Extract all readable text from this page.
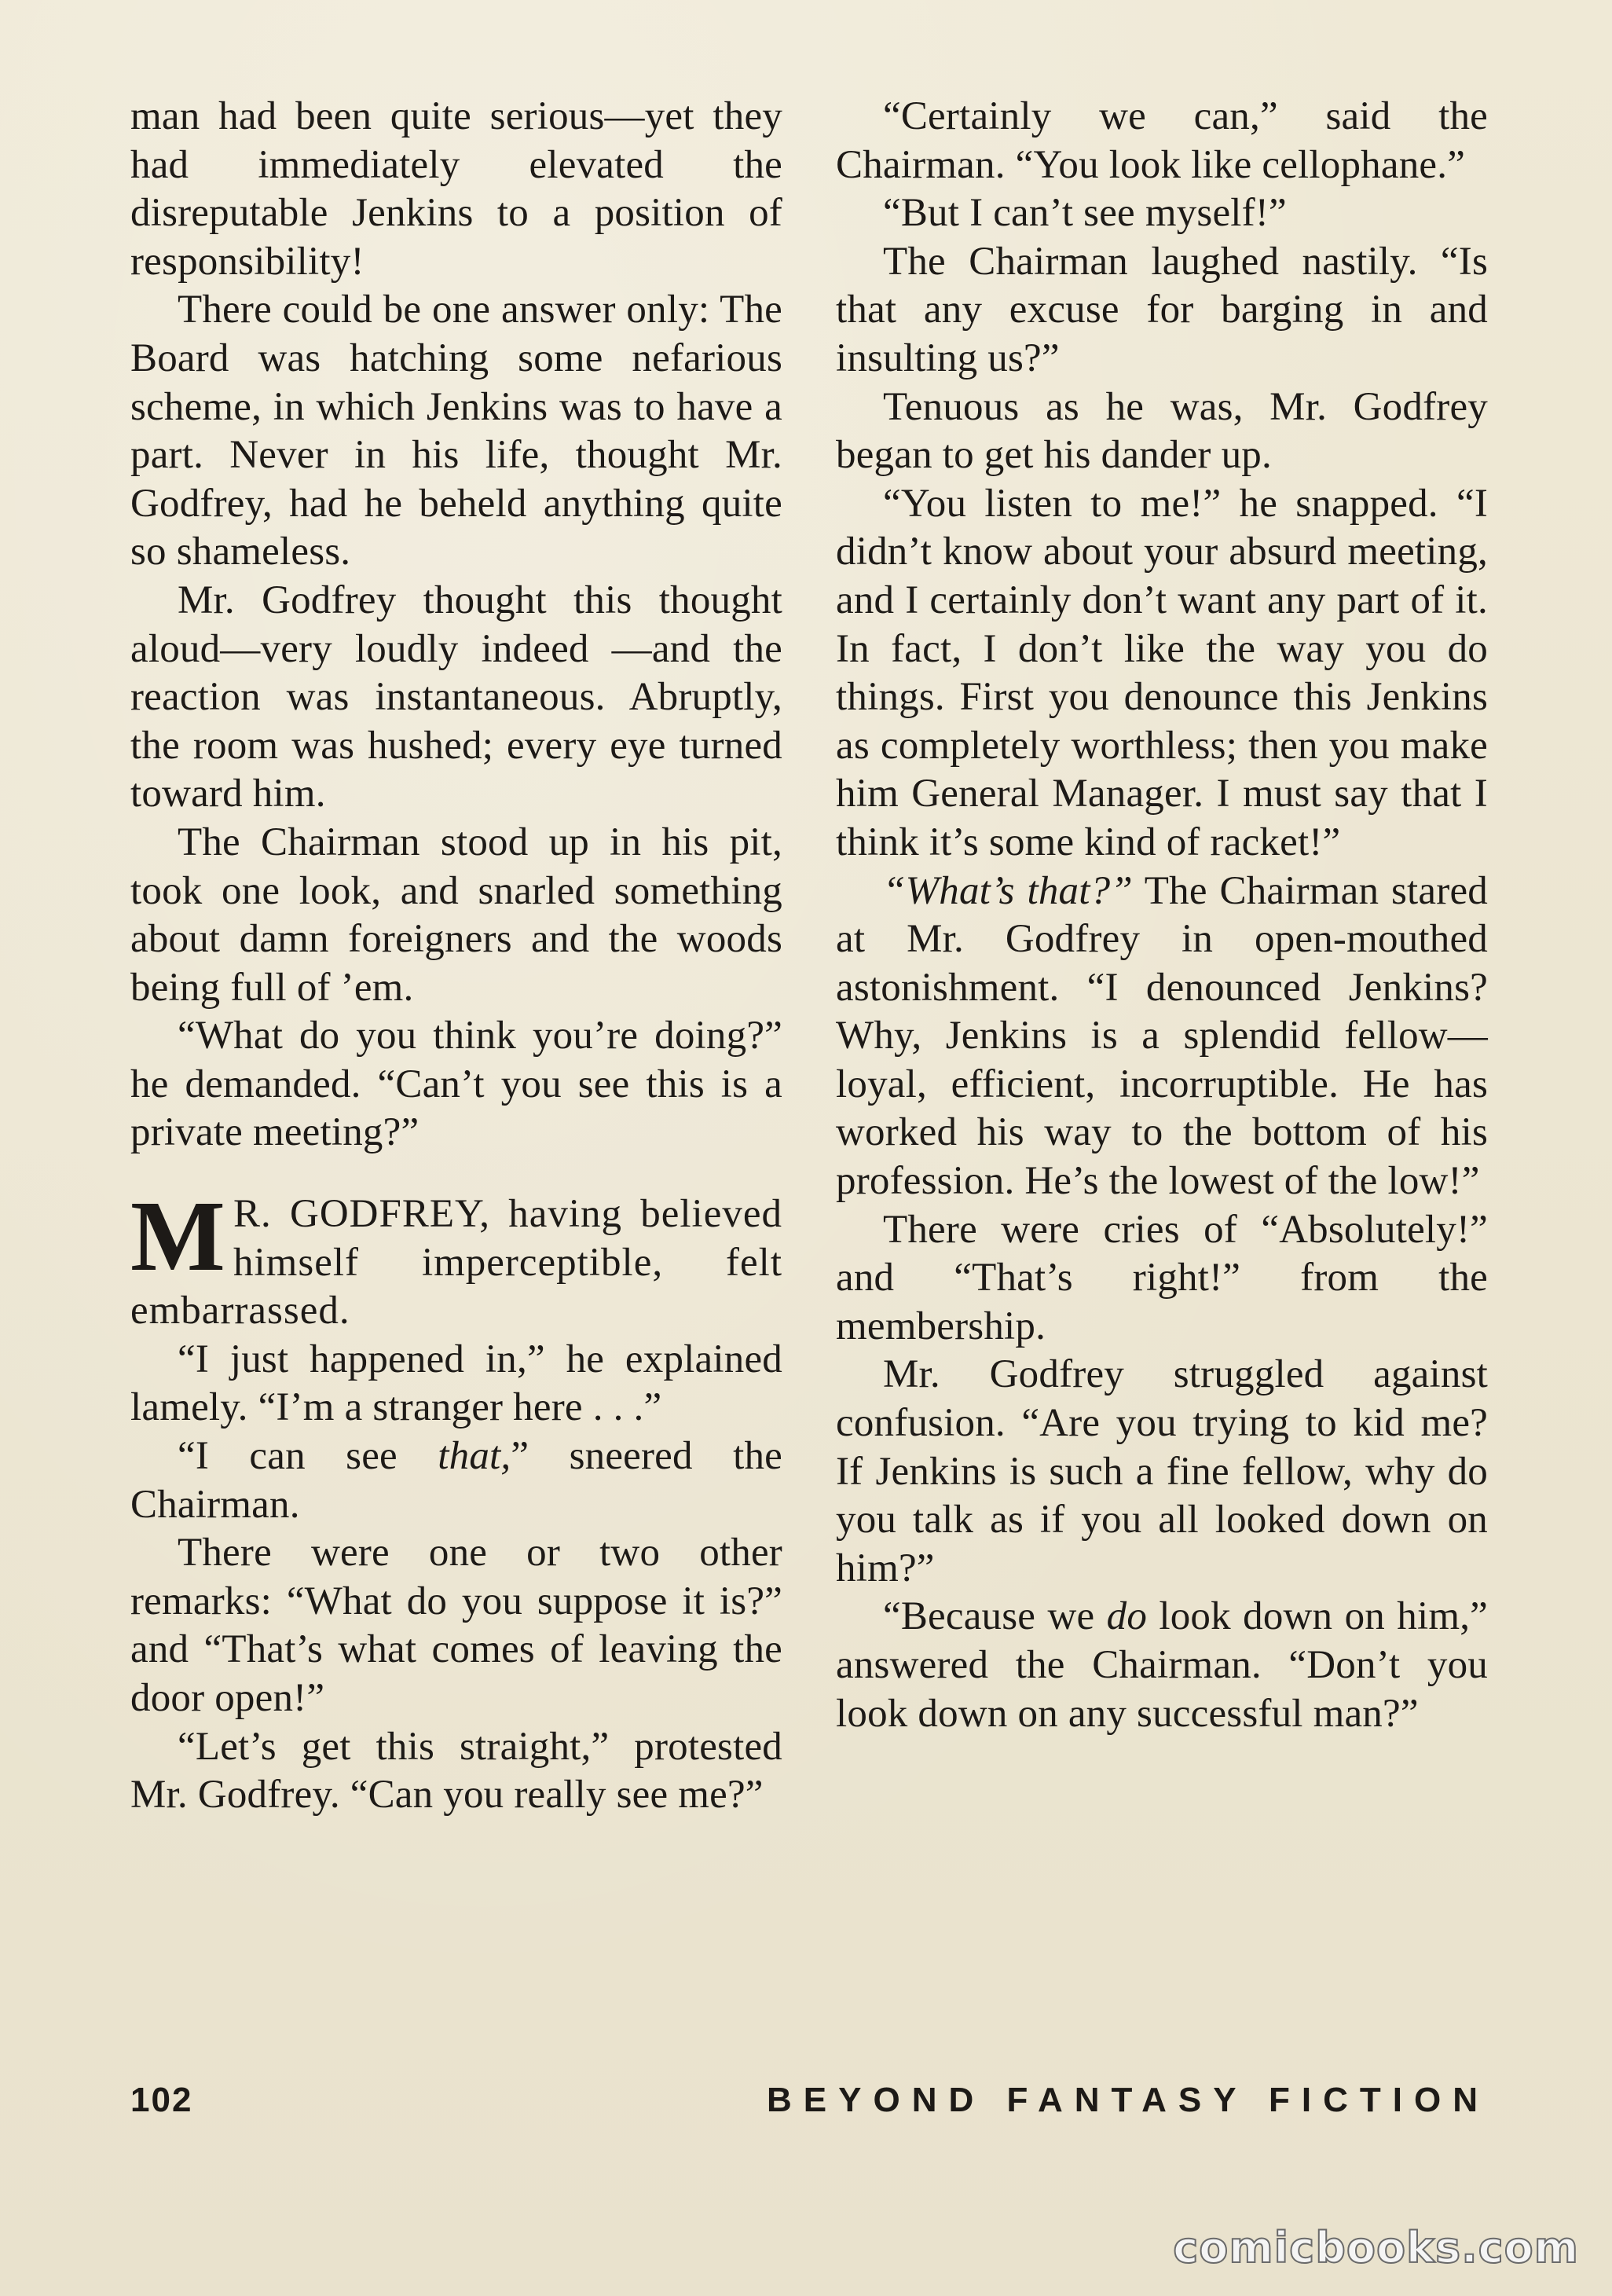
man had been quite serious—yet they had immediately elevated the disreputable Jenkins to a position of responsibility!

There could be one answer only: The Board was hatching some nefarious scheme, in which Jenkins was to have a part. Never in his life, thought Mr. Godfrey, had he beheld anything quite so shameless.

Mr. Godfrey thought this thought aloud—very loudly indeed —and the reaction was instantaneous. Abruptly, the room was hushed; every eye turned toward him.

The Chairman stood up in his pit, took one look, and snarled something about damn foreigners and the woods being full of ’em.

“What do you think you’re doing?” he demanded. “Can’t you see this is a private meeting?”

M R. GODFREY, having believed himself imperceptible, felt embarrassed.

“I just happened in,” he explained lamely. “I’m a stranger here . . .”

“I can see that,” sneered the Chairman.

There were one or two other remarks: “What do you suppose it is?” and “That’s what comes of leaving the door open!”

“Let’s get this straight,” protested Mr. Godfrey. “Can you really see me?”

“Certainly we can,” said the Chairman. “You look like cellophane.”

“But I can’t see myself!”

The Chairman laughed nastily. “Is that any excuse for barging in and insulting us?”

Tenuous as he was, Mr. Godfrey began to get his dander up.

“You listen to me!” he snapped. “I didn’t know about your absurd meeting, and I certainly don’t want any part of it. In fact, I don’t like the way you do things. First you denounce this Jenkins as completely worthless; then you make him General Manager. I must say that I think it’s some kind of racket!”

“What’s that?” The Chairman stared at Mr. Godfrey in open-mouthed astonishment. “I denounced Jenkins? Why, Jenkins is a splendid fellow—loyal, efficient, incorruptible. He has worked his way to the bottom of his profession. He’s the lowest of the low!”

There were cries of “Absolutely!” and “That’s right!” from the membership.

Mr. Godfrey struggled against confusion. “Are you trying to kid me? If Jenkins is such a fine fellow, why do you talk as if you all looked down on him?”

“Because we do look down on him,” answered the Chairman. “Don’t you look down on any successful man?”

102	BEYOND FANTASY FICTION
comicbooks.com
